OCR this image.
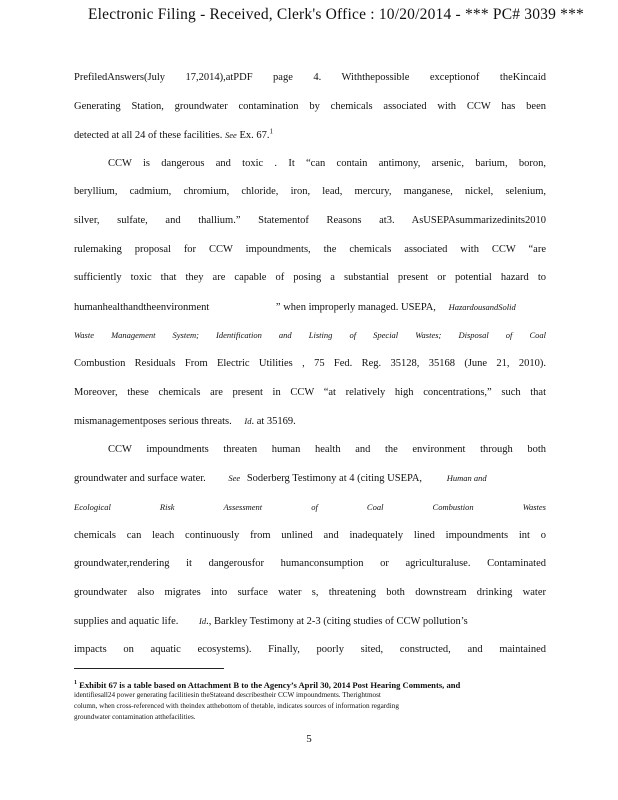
Electronic Filing - Received, Clerk's Office : 10/20/2014 - *** PC# 3039 ***
PrefiledAnswers(July 17,2014),atPDF page 4. Withthepossible exceptionof theKincaid
Generating Station, groundwater contamination by chemicals associated with CCW has been
detected at all 24 of these facilities. See Ex. 67.$^1$
CCW is dangerous and toxic . It “can contain antimony, arsenic, barium, boron,
beryllium, cadmium, chromium, chloride, iron, lead, mercury, manganese, nickel, selenium,
silver, sulfate, and thallium.” Statementof Reasons at3. AsUSEPAsummarizedinits2010
rulemaking proposal for CCW impoundments, the chemicals associated with CCW “are
sufficiently toxic that they are capable of posing a substantial present or potential hazard to
humanhealthandtheenvironment	” when improperly managed. USEPA, HazardousandSolid
Waste Management System; Identification and Listing of Special Wastes; Disposal of Coal
Combustion Residuals From Electric Utilities , 75 Fed. Reg. 35128, 35168 (June 21, 2010).
Moreover, these chemicals are present in CCW “at relatively high concentrations,” such that
mismanagementposes serious threats. Id. at 35169.
CCW impoundments threaten human health and the environment through both
groundwater and surface water.	See Soderberg Testimony at 4 (citing USEPA,	Human and
Ecological Risk Assessment of Coal Combustion Wastes
chemicals can leach continuously from unlined and inadequately lined impoundments int o
groundwater,rendering it dangerousfor humanconsumption or agriculturaluse. Contaminated
groundwater also migrates into surface water s, threatening both downstream drinking water
supplies and aquatic life. Id., Barkley Testimony at 2-3 (citing studies of CCW pollution’s
impacts on aquatic ecosystems). Finally, poorly sited, constructed, and maintained
$^1$ Exhibit 67 is a table based on Attachment B to the Agency’s April 30, 2014 Post Hearing Comments, and
identifiesall24 power generating facilitiesin theStateand describestheir CCW impoundments. Therightmost
column, when cross-referenced with theindex atthebottom of thetable, indicates sources of information regarding
groundwater contamination atthefacilities.
5
